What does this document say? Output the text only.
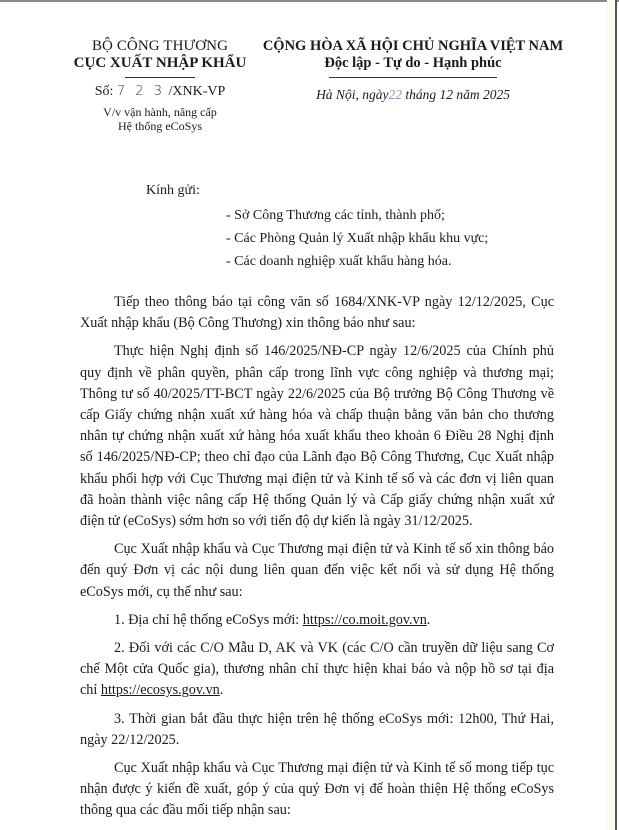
BỘ CÔNG THƯƠNG
CỤC XUẤT NHẬP KHẨU
Số: 7 2 3 /XNK-VP
V/v vận hành, nâng cấp
Hệ thống eCoSys
CỘNG HÒA XÃ HỘI CHỦ NGHĨA VIỆT NAM
Độc lập - Tự do - Hạnh phúc
Hà Nội, ngày22 tháng 12 năm 2025
Kính gửi:
- Sở Công Thương các tỉnh, thành phố;
- Các Phòng Quản lý Xuất nhập khẩu khu vực;
- Các doanh nghiệp xuất khẩu hàng hóa.

Tiếp theo thông báo tại công văn số 1684/XNK-VP ngày 12/12/2025, Cục Xuất nhập khẩu (Bộ Công Thương) xin thông báo như sau:

Thực hiện Nghị định số 146/2025/NĐ-CP ngày 12/6/2025 của Chính phủ quy định về phân quyền, phân cấp trong lĩnh vực công nghiệp và thương mại; Thông tư số 40/2025/TT-BCT ngày 22/6/2025 của Bộ trưởng Bộ Công Thương về cấp Giấy chứng nhận xuất xứ hàng hóa và chấp thuận bằng văn bản cho thương nhân tự chứng nhận xuất xứ hàng hóa xuất khẩu theo khoản 6 Điều 28 Nghị định số 146/2025/NĐ-CP; theo chỉ đạo của Lãnh đạo Bộ Công Thương, Cục Xuất nhập khẩu phối hợp với Cục Thương mại điện tử và Kinh tế số và các đơn vị liên quan đã hoàn thành việc nâng cấp Hệ thống Quản lý và Cấp giấy chứng nhận xuất xứ điện tử (eCoSys) sớm hơn so với tiến độ dự kiến là ngày 31/12/2025.

Cục Xuất nhập khẩu và Cục Thương mại điện tử và Kinh tế số xin thông báo đến quý Đơn vị các nội dung liên quan đến việc kết nối và sử dụng Hệ thống eCoSys mới, cụ thể như sau:

1. Địa chỉ hệ thống eCoSys mới: https://co.moit.gov.vn.

2. Đối với các C/O Mẫu D, AK và VK (các C/O cần truyền dữ liệu sang Cơ chế Một cửa Quốc gia), thương nhân chỉ thực hiện khai báo và nộp hồ sơ tại địa chỉ https://ecosys.gov.vn.

3. Thời gian bắt đầu thực hiện trên hệ thống eCoSys mới: 12h00, Thứ Hai, ngày 22/12/2025.

Cục Xuất nhập khẩu và Cục Thương mại điện tử và Kinh tế số mong tiếp tục nhận được ý kiến đề xuất, góp ý của quý Đơn vị để hoàn thiện Hệ thống eCoSys thông qua các đầu mối tiếp nhận sau:
